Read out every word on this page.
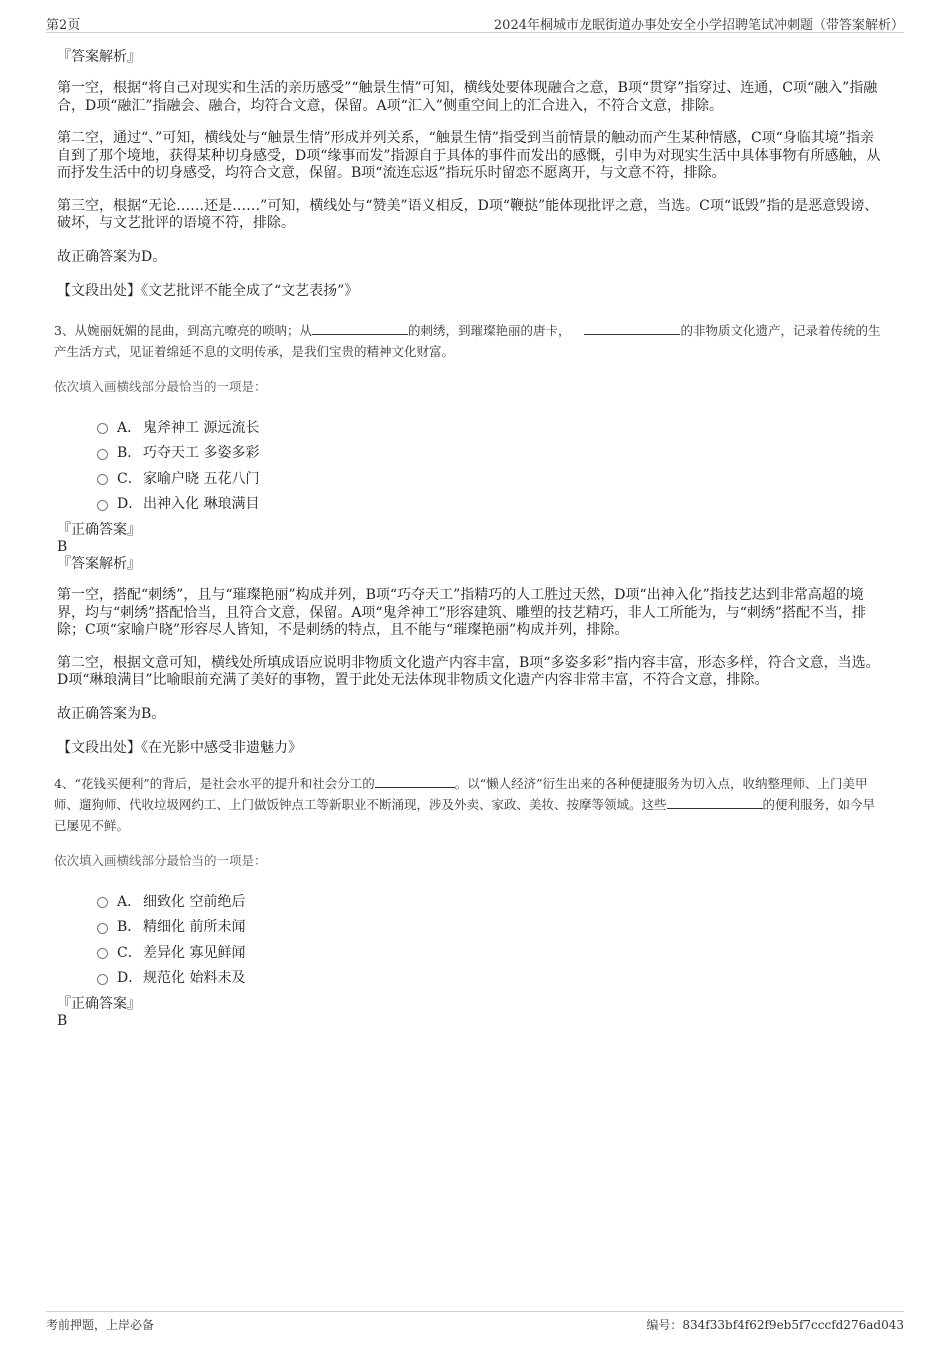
第2页	2024年桐城市龙眠街道办事处安全小学招聘笔试冲刺题（带答案解析）

『答案解析』

第一空，根据“将自己对现实和生活的亲历感受”“触景生情”可知，横线处要体现融合之意，B项“贯穿”指穿过、连通，C项“融入”指融合，D项“融汇”指融会、融合，均符合文意，保留。A项“汇入”侧重空间上的汇合进入，不符合文意，排除。

第二空，通过“、”可知，横线处与“触景生情”形成并列关系，“触景生情”指受到当前情景的触动而产生某种情感，C项“身临其境”指亲自到了那个境地，获得某种切身感受，D项“缘事而发”指源自于具体的事件而发出的感慨，引申为对现实生活中具体事物有所感触，从而抒发生活中的切身感受，均符合文意，保留。B项“流连忘返”指玩乐时留恋不愿离开，与文意不符，排除。

第三空，根据“无论……还是……”可知，横线处与“赞美”语义相反，D项“鞭挞”能体现批评之意，当选。C项“诋毁”指的是恶意毁谤、破坏，与文艺批评的语境不符，排除。

故正确答案为D。

【文段出处】《文艺批评不能全成了“文艺表扬”》

3、从婉丽妩媚的昆曲，到高亢嘹亮的唢呐；从	的刺绣，到璀璨艳丽的唐卡，	的非物质文化遗产，记录着传统的生产生活方式，见证着绵延不息的文明传承，是我们宝贵的精神文化财富。

依次填入画横线部分最恰当的一项是：

A． 鬼斧神工 源远流长
B． 巧夺天工 多姿多彩
C． 家喻户晓 五花八门
D． 出神入化 琳琅满目

『正确答案』

B

『答案解析』

第一空，搭配“刺绣”，且与“璀璨艳丽”构成并列，B项“巧夺天工”指精巧的人工胜过天然，D项“出神入化”指技艺达到非常高超的境界，均与“刺绣”搭配恰当，且符合文意，保留。A项“鬼斧神工”形容建筑、雕塑的技艺精巧，非人工所能为，与“刺绣”搭配不当，排除；C项“家喻户晓”形容尽人皆知，不是刺绣的特点，且不能与“璀璨艳丽”构成并列，排除。

第二空，根据文意可知，横线处所填成语应说明非物质文化遗产内容丰富，B项“多姿多彩”指内容丰富，形态多样，符合文意，当选。D项“琳琅满目”比喻眼前充满了美好的事物，置于此处无法体现非物质文化遗产内容非常丰富，不符合文意，排除。

故正确答案为B。

【文段出处】《在光影中感受非遗魅力》

4、“花钱买便利”的背后，是社会水平的提升和社会分工的	。以“懒人经济”衍生出来的各种便捷服务为切入点，收纳整理师、上门美甲师、遛狗师、代收垃圾网约工、上门做饭钟点工等新职业不断涌现，涉及外卖、家政、美妆、按摩等领域。这些	的便利服务，如今早已屡见不鲜。

依次填入画横线部分最恰当的一项是：

A． 细致化 空前绝后
B． 精细化 前所未闻
C． 差异化 寡见鲜闻
D． 规范化 始料未及

『正确答案』

B

考前押题，上岸必备	编号：834f33bf4f62f9eb5f7cccfd276ad043
